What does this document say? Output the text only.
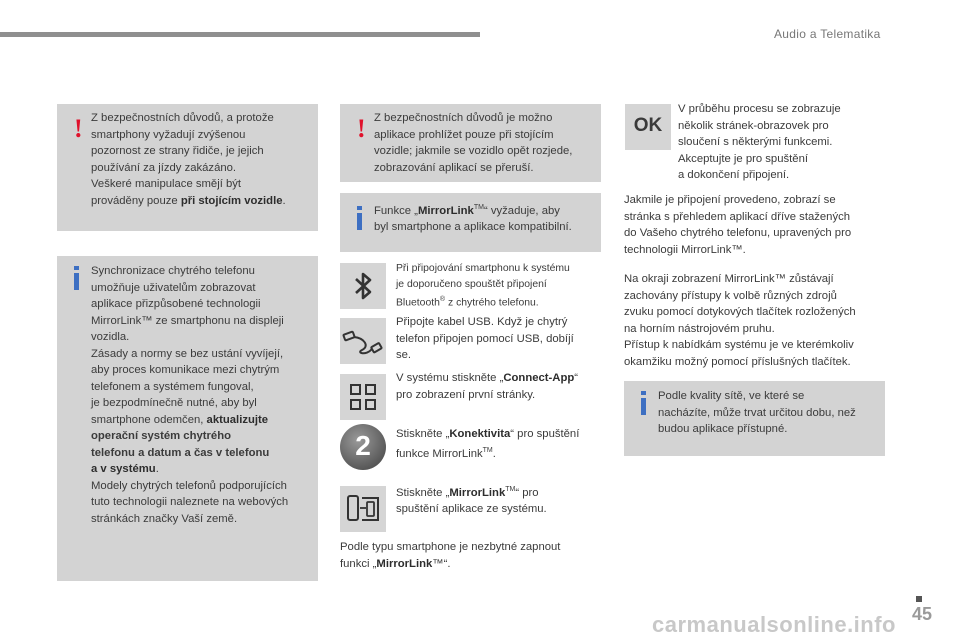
Audio a Telematika
! Z bezpečnostních důvodů, a protože
smartphony vyžadují zvýšenou
pozornost ze strany řidiče, je jejich
používání za jízdy zakázáno.
Veškeré manipulace smějí být
prováděny pouze při stojícím vozidle.
Synchronizace chytrého telefonu
umožňuje uživatelům zobrazovat
aplikace přizpůsobené technologii
MirrorLink™ ze smartphonu na displeji
vozidla.
Zásady a normy se bez ustání vyvíjejí,
aby proces komunikace mezi chytrým
telefonem a systémem fungoval,
je bezpodmínečně nutné, aby byl
smartphone odemčen, aktualizujte
operační systém chytrého
telefonu a datum a čas v telefonu
a v systému.
Modely chytrých telefonů podporujících
tuto technologii naleznete na webových
stránkách značky Vaší země.
! Z bezpečnostních důvodů je možno
aplikace prohlížet pouze při stojícím
vozidle; jakmile se vozidlo opět rozjede,
zobrazování aplikací se přeruší.
Funkce „MirrorLink™“ vyžaduje, aby
byl smartphone a aplikace kompatibilní.
Při připojování smartphonu k systému
je doporučeno spouštět připojení
Bluetooth® z chytrého telefonu.
Připojte kabel USB. Když je chytrý
telefon připojen pomocí USB, dobíjí
se.
V systému stiskněte „Connect-App“
pro zobrazení první stránky.
2	Stiskněte „Konektivita“ pro spuštění
funkce MirrorLink™.
Stiskněte „MirrorLink™“ pro
spuštění aplikace ze systému.
Podle typu smartphone je nezbytné zapnout
funkci „MirrorLink™“.
OK
V průběhu procesu se zobrazuje
několik stránek-obrazovek pro
sloučení s některými funkcemi.
Akceptujte je pro spuštění
a dokončení připojení.
Jakmile je připojení provedeno, zobrazí se
stránka s přehledem aplikací dříve stažených
do Vašeho chytrého telefonu, upravených pro
technologii MirrorLink™.
Na okraji zobrazení MirrorLink™ zůstávají
zachovány přístupy k volbě různých zdrojů
zvuku pomocí dotykových tlačítek rozložených
na horním nástrojovém pruhu.
Přístup k nabídkám systému je ve kterémkoliv
okamžiku možný pomocí příslušných tlačítek.
Podle kvality sítě, ve které se
nacházíte, může trvat určitou dobu, než
budou aplikace přístupné.
carmanualsonline.info 45
